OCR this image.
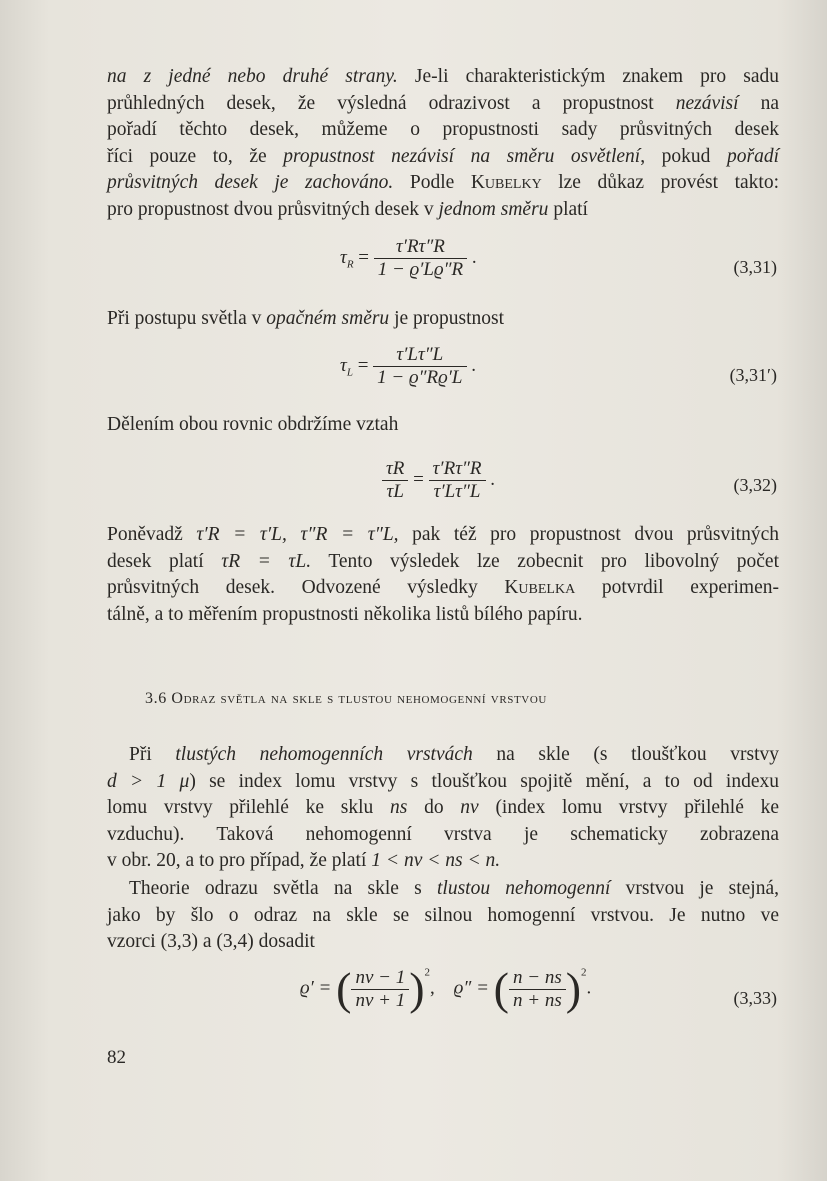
na z jedné nebo druhé strany. Je-li charakteristickým znakem pro sadu
průhledných desek, že výsledná odrazivost a propustnost nezávisí na
pořadí těchto desek, můžeme o propustnosti sady průsvitných desek
říci pouze to, že propustnost nezávisí na směru osvětlení, pokud pořadí
průsvitných desek je zachováno. Podle Kubelky lze důkaz provést takto:
pro propustnost dvou průsvitných desek v jednom směru platí
$\tau_R = \frac{\tau'R\tau''R}{1 - ϱ'Lϱ''R}$ .	(3,31)
Při postupu světla v opačném směru je propustnost
$\tau_L = \frac{\tau'L\tau''L}{1 - ϱ''Rϱ'L}$ .	(3,31′)
Dělením obou rovnic obdržíme vztah
$\frac{\tau R}{\tau L} = \frac{\tau'R\tau''R}{\tau'L\tau''L}$ .	(3,32)
Poněvadž τ′R = τ′L, τ″R = τ″L, pak též pro propustnost dvou průsvitných
desek platí τR = τL. Tento výsledek lze zobecnit pro libovolný počet
průsvitných desek. Odvozené výsledky Kubelka potvrdil experimen-
tálně, a to měřením propustnosti několika listů bílého papíru.
3.6 Odraz světla na skle s tlustou nehomogenní vrstvou
Při tlustých nehomogenních vrstvách na skle (s tloušťkou vrstvy
d > 1 μ) se index lomu vrstvy s tloušťkou spojitě mění, a to od indexu
lomu vrstvy přilehlé ke sklu ns do nv (index lomu vrstvy přilehlé ke
vzduchu). Taková nehomogenní vrstva je schematicky zobrazena
v obr. 20, a to pro případ, že platí 1 < nv < ns < n.
Theorie odrazu světla na skle s tlustou nehomogenní vrstvou je stejná,
jako by šlo o odraz na skle se silnou homogenní vrstvou. Je nutno ve
vzorci (3,3) a (3,4) dosadit
ϱ′ = ( $\frac{nv - 1}{nv + 1} )^2$,    ϱ″ = ( $\frac{n - ns}{n + ns} )^2$.	(3,33)
82
